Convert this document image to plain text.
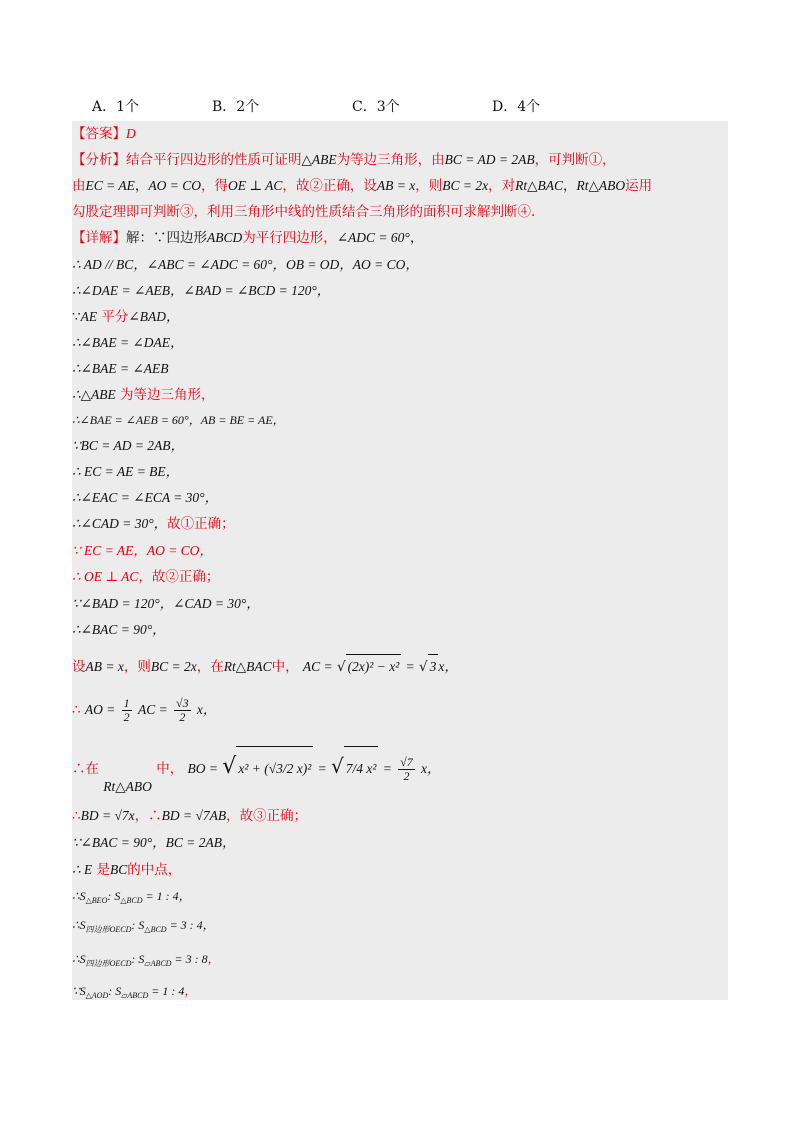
A．1个	B．2个	C．3个	D．4个
【答案】D
【分析】结合平行四边形的性质可证明△ABE为等边三角形，由BC = AD = 2AB，可判断①，
由EC = AE，AO = CO，得OE ⊥ AC，故②正确，设AB = x，则BC = 2x，对Rt△BAC，Rt△ABO运用
勾股定理即可判断③，利用三角形中线的性质结合三角形的面积可求解判断④.
【详解】解：∵四边形ABCD为平行四边形，∠ADC = 60°，
∴ AD // BC，∠ABC = ∠ADC = 60°，OB = OD，AO = CO，
∴∠DAE = ∠AEB，∠BAD = ∠BCD = 120°，
∵AE 平分∠BAD，
∴∠BAE = ∠DAE，
∴∠BAE = ∠AEB
∴△ABE 为等边三角形，
∴∠BAE = ∠AEB = 60°，AB = BE = AE，
∵BC = AD = 2AB，
∴ EC = AE = BE，
∴∠EAC = ∠ECA = 30°，
∴∠CAD = 30°，故①正确；
∵ EC = AE，AO = CO，
∴ OE ⊥ AC，故②正确；
∵∠BAD = 120°，∠CAD = 30°，
∴∠BAC = 90°，
设AB = x，则BC = 2x，在Rt△BAC中， AC = √ (2x)² − x² = √ 3 x，
∴ AO = $\frac{1}{2}$ AC = $\frac{√3}{2}$ x，
∴在 Rt△ABO 中， BO = √ x² + (√3/2 x)² = √ 7/4 $x^2 = \frac{√7}{2}$ x，
∴BD = √7x，∴BD = √7AB，故③正确；
∵∠BAC = 90°，BC = 2AB，
∴ E 是BC的中点，
$\therefore S_{\triangle BEO}$: $S_{\triangle BCD} = 1$ : 4，
$\therefore S_{四边形OECD}$: $S_{\triangle BCD} = 3$ : 4，
$\therefore S_{四边形OECD}$: $S_{▱ABCD} = 3$ : 8，
$\because S_{\triangle AOD}$: $S_{▱ABCD} = 1$ : 4，
